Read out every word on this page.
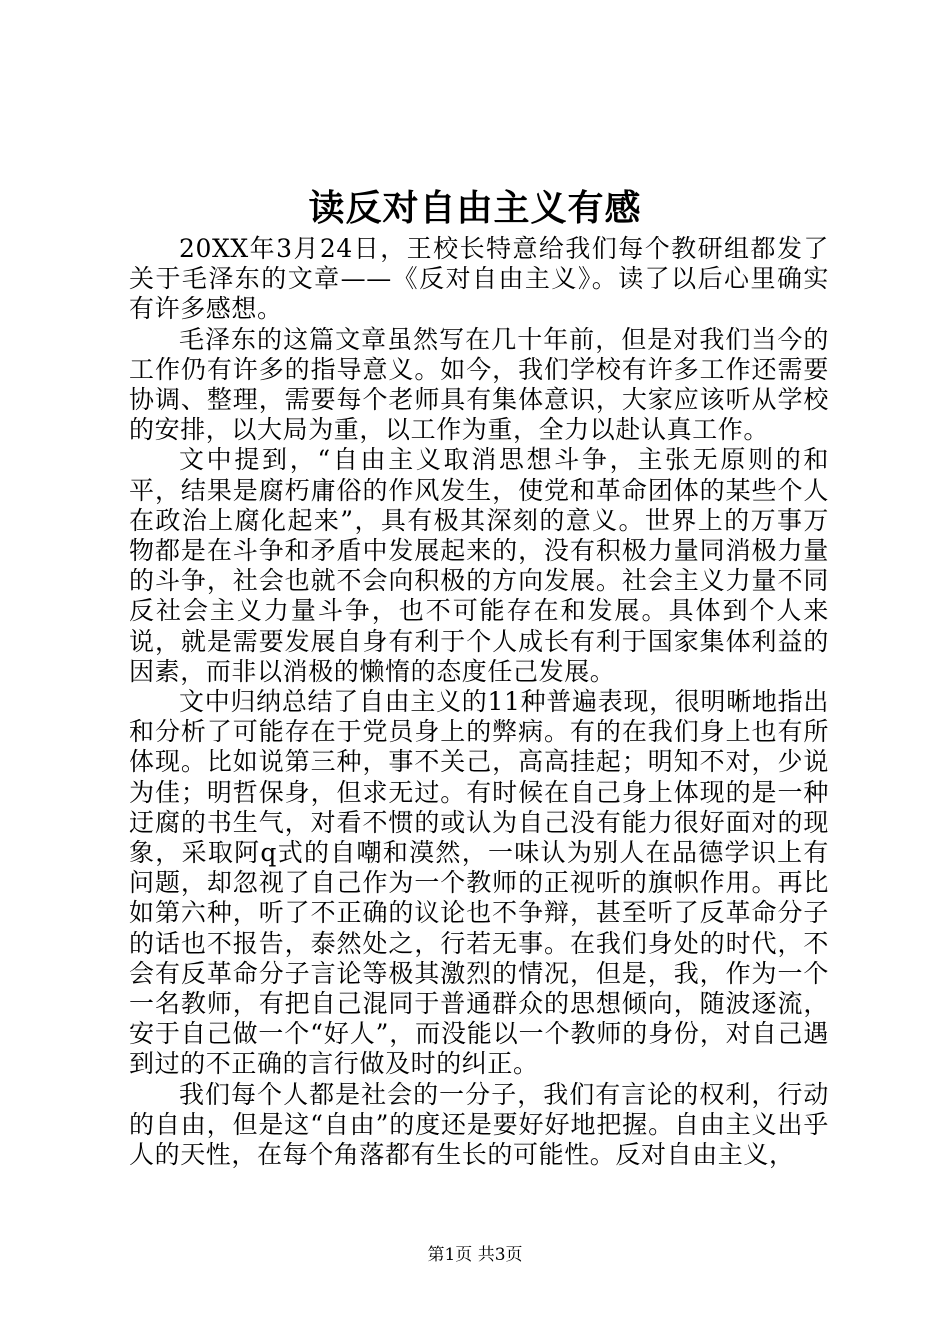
读反对自由主义有感

20XX年3月24日，王校长特意给我们每个教研组都发了关于毛泽东的文章——《反对自由主义》。读了以后心里确实有许多感想。

毛泽东的这篇文章虽然写在几十年前，但是对我们当今的工作仍有许多的指导意义。如今，我们学校有许多工作还需要协调、整理，需要每个老师具有集体意识，大家应该听从学校的安排，以大局为重，以工作为重，全力以赴认真工作。

文中提到，“自由主义取消思想斗争，主张无原则的和平，结果是腐朽庸俗的作风发生，使党和革命团体的某些个人在政治上腐化起来”，具有极其深刻的意义。世界上的万事万物都是在斗争和矛盾中发展起来的，没有积极力量同消极力量的斗争，社会也就不会向积极的方向发展。社会主义力量不同反社会主义力量斗争，也不可能存在和发展。具体到个人来说，就是需要发展自身有利于个人成长有利于国家集体利益的因素，而非以消极的懒惰的态度任己发展。

文中归纳总结了自由主义的11种普遍表现，很明晰地指出和分析了可能存在于党员身上的弊病。有的在我们身上也有所体现。比如说第三种，事不关己，高高挂起；明知不对，少说为佳；明哲保身，但求无过。有时候在自己身上体现的是一种迂腐的书生气，对看不惯的或认为自己没有能力很好面对的现象，采取阿q式的自嘲和漠然，一味认为别人在品德学识上有问题，却忽视了自己作为一个教师的正视听的旗帜作用。再比如第六种，听了不正确的议论也不争辩，甚至听了反革命分子的话也不报告，泰然处之，行若无事。在我们身处的时代，不会有反革命分子言论等极其激烈的情况，但是，我，作为一个一名教师，有把自己混同于普通群众的思想倾向，随波逐流，安于自己做一个“好人”，而没能以一个教师的身份，对自己遇到过的不正确的言行做及时的纠正。

我们每个人都是社会的一分子，我们有言论的权利，行动的自由，但是这“自由”的度还是要好好地把握。自由主义出乎人的天性，在每个角落都有生长的可能性。反对自由主义，

第1页 共3页
